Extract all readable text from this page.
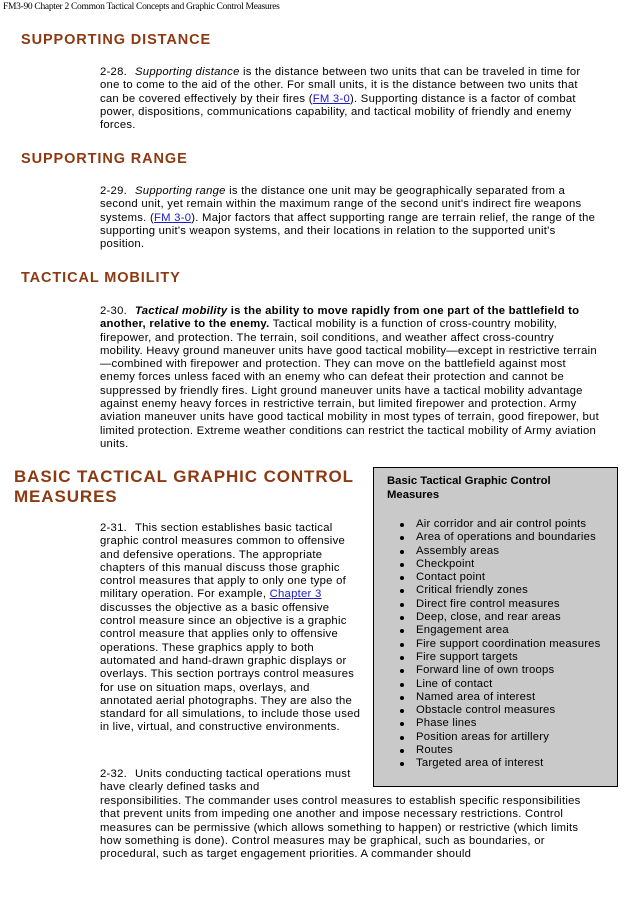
FM3-90 Chapter 2 Common Tactical Concepts and Graphic Control Measures
SUPPORTING DISTANCE

2-28. Supporting distance is the distance between two units that can be traveled in time for one to come to the aid of the other. For small units, it is the distance between two units that can be covered effectively by their fires (FM 3-0). Supporting distance is a factor of combat power, dispositions, communications capability, and tactical mobility of friendly and enemy forces.

SUPPORTING RANGE

2-29. Supporting range is the distance one unit may be geographically separated from a second unit, yet remain within the maximum range of the second unit's indirect fire weapons systems. (FM 3-0). Major factors that affect supporting range are terrain relief, the range of the supporting unit's weapon systems, and their locations in relation to the supported unit's position.

TACTICAL MOBILITY

2-30. Tactical mobility is the ability to move rapidly from one part of the battlefield to another, relative to the enemy. Tactical mobility is a function of cross-country mobility, firepower, and protection. The terrain, soil conditions, and weather affect cross-country mobility. Heavy ground maneuver units have good tactical mobility—except in restrictive terrain—combined with firepower and protection. They can move on the battlefield against most enemy forces unless faced with an enemy who can defeat their protection and cannot be suppressed by friendly fires. Light ground maneuver units have a tactical mobility advantage against enemy heavy forces in restrictive terrain, but limited firepower and protection. Army aviation maneuver units have good tactical mobility in most types of terrain, good firepower, but limited protection. Extreme weather conditions can restrict the tactical mobility of Army aviation units.

BASIC TACTICAL GRAPHIC CONTROL MEASURES

2-31. This section establishes basic tactical graphic control measures common to offensive and defensive operations. The appropriate chapters of this manual discuss those graphic control measures that apply to only one type of military operation. For example, Chapter 3 discusses the objective as a basic offensive control measure since an objective is a graphic control measure that applies only to offensive operations. These graphics apply to both automated and hand-drawn graphic displays or overlays. This section portrays control measures for use on situation maps, overlays, and annotated aerial photographs. They are also the standard for all simulations, to include those used in live, virtual, and constructive environments.

2-32. Units conducting tactical operations must have clearly defined tasks and

responsibilities. The commander uses control measures to establish specific responsibilities that prevent units from impeding one another and impose necessary restrictions. Control measures can be permissive (which allows something to happen) or restrictive (which limits how something is done). Control measures may be graphical, such as boundaries, or procedural, such as target engagement priorities. A commander should

Basic Tactical Graphic Control Measures
Air corridor and air control points
Area of operations and boundaries
Assembly areas
Checkpoint
Contact point
Critical friendly zones
Direct fire control measures
Deep, close, and rear areas
Engagement area
Fire support coordination measures
Fire support targets
Forward line of own troops
Line of contact
Named area of interest
Obstacle control measures
Phase lines
Position areas for artillery
Routes
Targeted area of interest
